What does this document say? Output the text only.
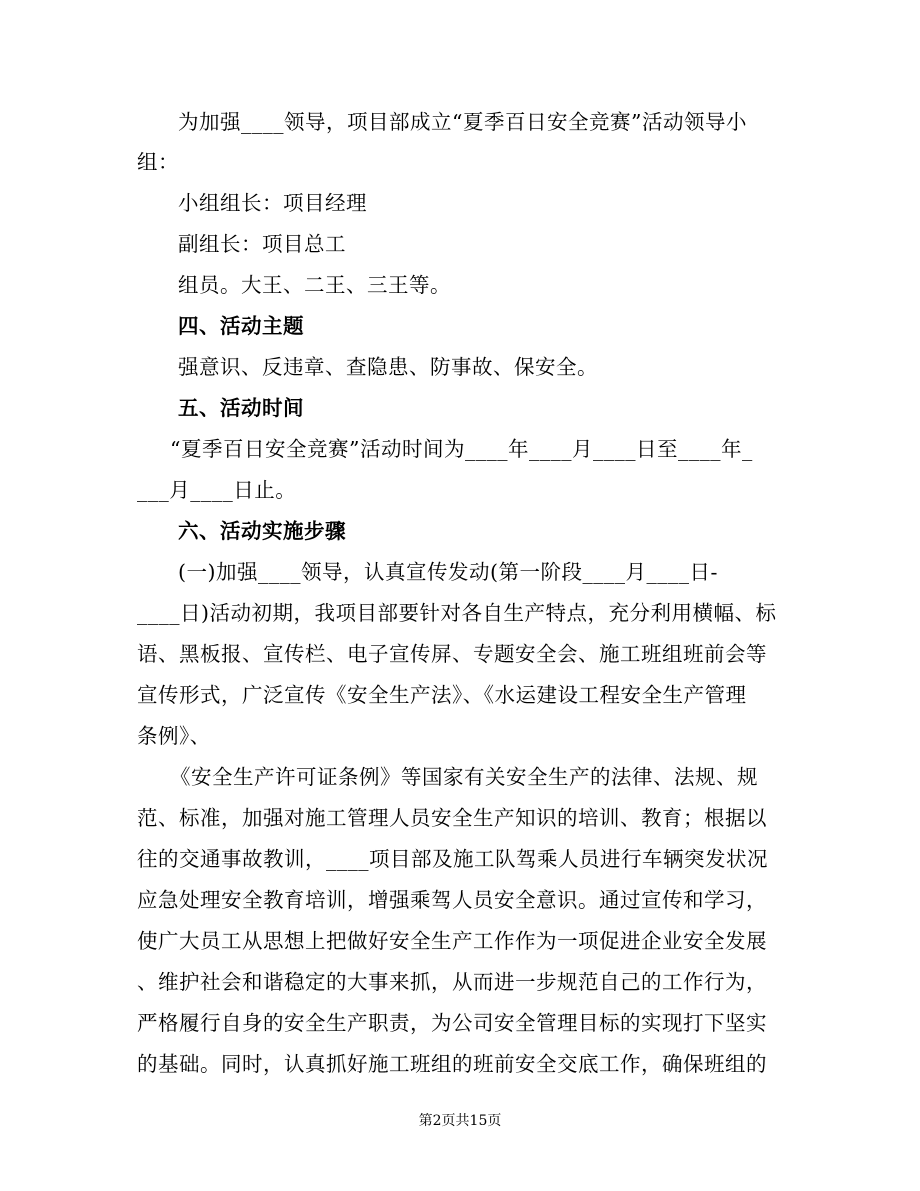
为加强____领导，项目部成立“夏季百日安全竞赛”活动领导小
组：
小组组长：项目经理
副组长：项目总工
组员。大王、二王、三王等。
四、活动主题
强意识、反违章、查隐患、防事故、保安全。
五、活动时间
“夏季百日安全竞赛”活动时间为____年____月____日至____年_
___月____日止。
六、活动实施步骤
(一)加强____领导，认真宣传发动(第一阶段____月____日-
____日)活动初期，我项目部要针对各自生产特点，充分利用横幅、标
语、黑板报、宣传栏、电子宣传屏、专题安全会、施工班组班前会等
宣传形式，广泛宣传《安全生产法》、《水运建设工程安全生产管理
条例》、
《安全生产许可证条例》等国家有关安全生产的法律、法规、规
范、标准，加强对施工管理人员安全生产知识的培训、教育；根据以
往的交通事故教训，____项目部及施工队驾乘人员进行车辆突发状况
应急处理安全教育培训，增强乘驾人员安全意识。通过宣传和学习，
使广大员工从思想上把做好安全生产工作作为一项促进企业安全发展
、维护社会和谐稳定的大事来抓，从而进一步规范自己的工作行为，
严格履行自身的安全生产职责，为公司安全管理目标的实现打下坚实
的基础。同时，认真抓好施工班组的班前安全交底工作，确保班组的
第2页共15页
